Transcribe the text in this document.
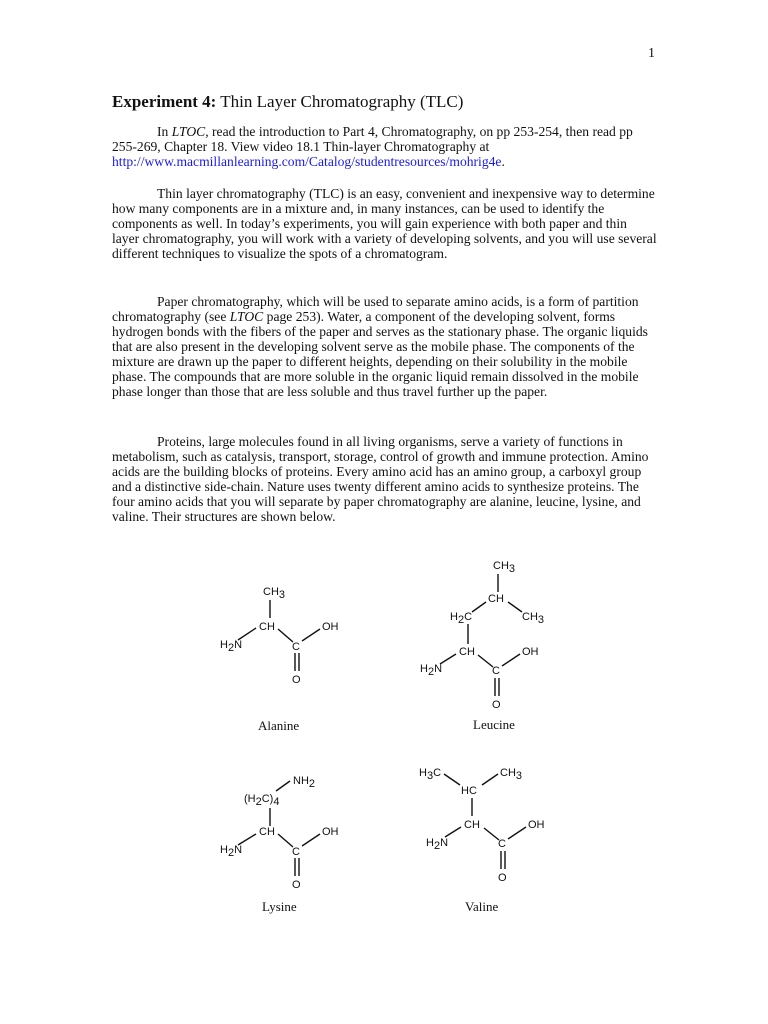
1
Experiment 4: Thin Layer Chromatography (TLC)

In LTOC, read the introduction to Part 4, Chromatography, on pp 253-254, then read pp 255-269, Chapter 18. View video 18.1 Thin-layer Chromatography at http://www.macmillanlearning.com/Catalog/studentresources/mohrig4e.

Thin layer chromatography (TLC) is an easy, convenient and inexpensive way to determine how many components are in a mixture and, in many instances, can be used to identify the components as well. In today’s experiments, you will gain experience with both paper and thin layer chromatography, you will work with a variety of developing solvents, and you will use several different techniques to visualize the spots of a chromatogram.

Paper chromatography, which will be used to separate amino acids, is a form of partition chromatography (see LTOC page 253). Water, a component of the developing solvent, forms hydrogen bonds with the fibers of the paper and serves as the stationary phase. The organic liquids that are also present in the developing solvent serve as the mobile phase. The components of the mixture are drawn up the paper to different heights, depending on their solubility in the mobile phase. The compounds that are more soluble in the organic liquid remain dissolved in the mobile phase longer than those that are less soluble and thus travel further up the paper.

Proteins, large molecules found in all living organisms, serve a variety of functions in metabolism, such as catalysis, transport, storage, control of growth and immune protection. Amino acids are the building blocks of proteins. Every amino acid has an amino group, a carboxyl group and a distinctive side-chain. Nature uses twenty different amino acids to synthesize proteins. The four amino acids that you will separate by paper chromatography are alanine, leucine, lysine, and valine. Their structures are shown below.

CH3
CH
H2N	C
OH
O
Alanine
CH3
CH
H2C	CH3
CH
H2N	C
OH
O
Leucine
NH2
(H2C)4
CH
H2N	C
OH
O
Lysine
H3C	CH3
HC
CH
H2N	C
OH
O
Valine
